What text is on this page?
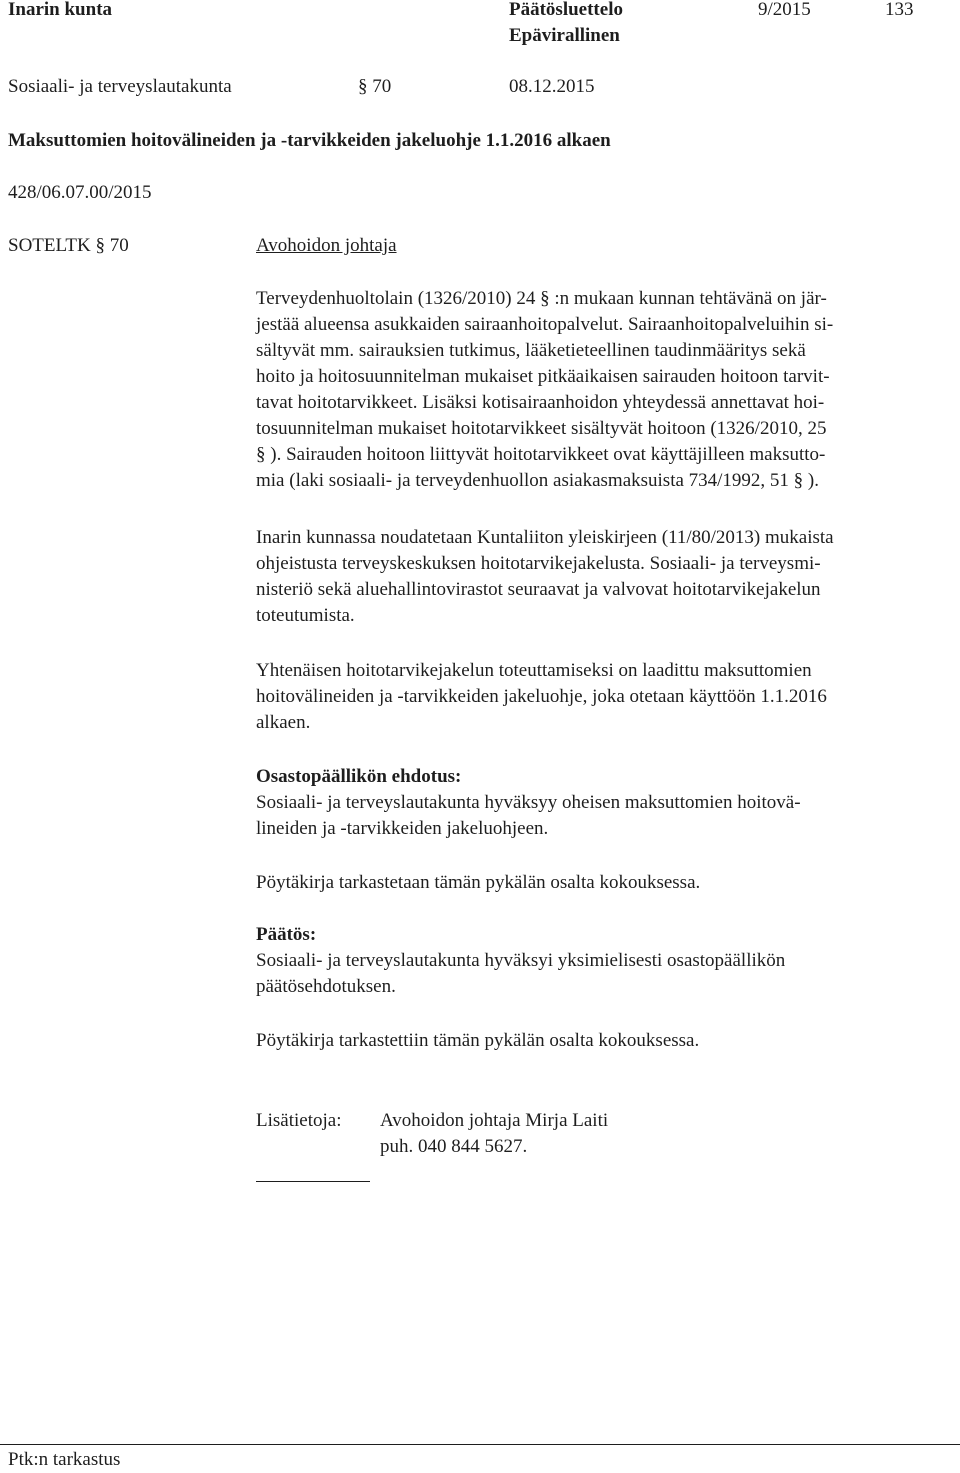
Inarin kunta	Päätösluettelo
Epävirallinen
9/2015	133
Sosiaali- ja terveyslautakunta	§ 70	08.12.2015
Maksuttomien hoitovälineiden ja -tarvikkeiden jakeluohje 1.1.2016 alkaen
428/06.07.00/2015
SOTELTK § 70	Avohoidon johtaja
Terveydenhuoltolain (1326/2010) 24 § :n mukaan kunnan tehtävänä on jär-
jestää alueensa asukkaiden sairaanhoitopalvelut. Sairaanhoitopalveluihin si-
sältyvät mm. sairauksien tutkimus, lääketieteellinen taudinmääritys sekä
hoito ja hoitosuunnitelman mukaiset pitkäaikaisen sairauden hoitoon tarvit-
tavat hoitotarvikkeet. Lisäksi kotisairaanhoidon yhteydessä annettavat hoi-
tosuunnitelman mukaiset hoitotarvikkeet sisältyvät hoitoon (1326/2010, 25
§ ). Sairauden hoitoon liittyvät hoitotarvikkeet ovat käyttäjilleen maksutto-
mia (laki sosiaali- ja terveydenhuollon asiakasmaksuista 734/1992, 51 § ).
Inarin kunnassa noudatetaan Kuntaliiton yleiskirjeen (11/80/2013) mukaista
ohjeistusta terveyskeskuksen hoitotarvikejakelusta. Sosiaali- ja terveysmi-
nisteriö sekä aluehallintovirastot seuraavat ja valvovat hoitotarvikejakelun
toteutumista.
Yhtenäisen hoitotarvikejakelun toteuttamiseksi on laadittu maksuttomien
hoitovälineiden ja -tarvikkeiden jakeluohje, joka otetaan käyttöön 1.1.2016
alkaen.
Osastopäällikön ehdotus:
Sosiaali- ja terveyslautakunta hyväksyy oheisen maksuttomien hoitovä-
lineiden ja -tarvikkeiden jakeluohjeen.
Pöytäkirja tarkastetaan tämän pykälän osalta kokouksessa.
Päätös:
Sosiaali- ja terveyslautakunta hyväksyi yksimielisesti osastopäällikön
päätösehdotuksen.
Pöytäkirja tarkastettiin tämän pykälän osalta kokouksessa.
Lisätietoja: Avohoidon johtaja Mirja Laiti
puh. 040 844 5627.
Ptk:n tarkastus
